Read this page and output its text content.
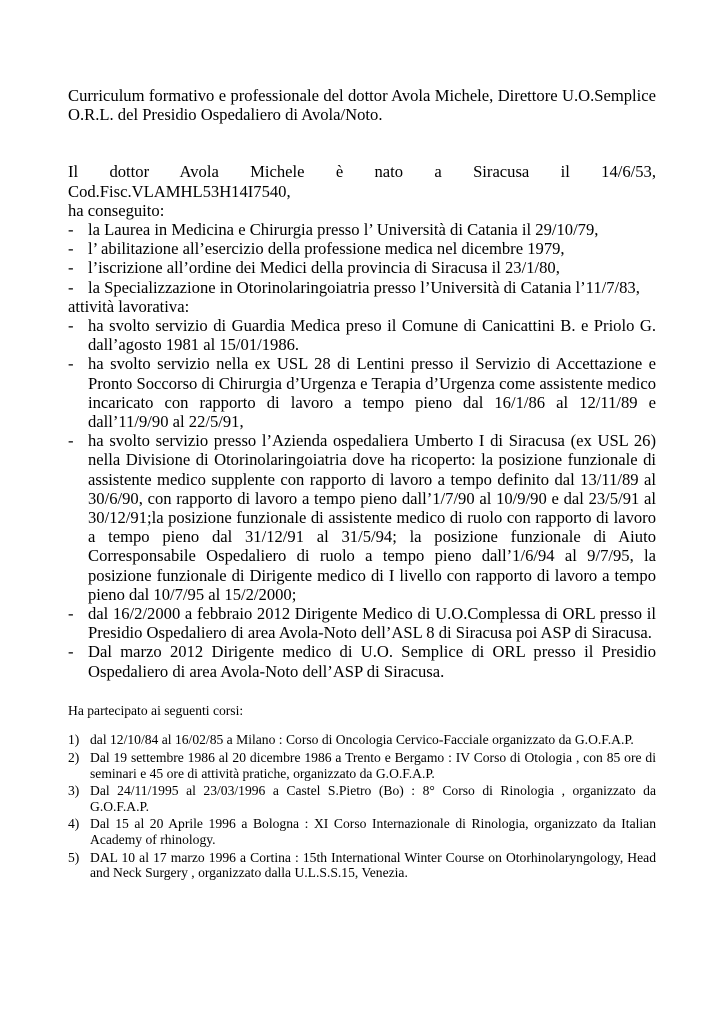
Curriculum formativo e professionale del dottor Avola Michele, Direttore U.O.Semplice O.R.L. del Presidio Ospedaliero di Avola/Noto.

Il dottor Avola Michele è nato a Siracusa il 14/6/53,

Cod.Fisc.VLAMHL53H14I7540,

ha conseguito:

- la Laurea in Medicina e Chirurgia presso l’ Università di Catania il 29/10/79,
- l’ abilitazione all’esercizio della professione medica nel dicembre 1979,
- l’iscrizione all’ordine dei Medici della provincia di Siracusa il 23/1/80,
- la Specializzazione in Otorinolaringoiatria presso l’Università di Catania l’11/7/83,

attività lavorativa:

- ha svolto servizio di Guardia Medica preso il Comune di Canicattini B. e Priolo G. dall’agosto 1981 al 15/01/1986.
- ha svolto servizio nella ex USL 28 di Lentini presso il Servizio di Accettazione e Pronto Soccorso di Chirurgia d’Urgenza e Terapia d’Urgenza come assistente medico incaricato con rapporto di lavoro a tempo pieno dal 16/1/86 al 12/11/89 e dall’11/9/90 al 22/5/91,
- ha svolto servizio presso l’Azienda ospedaliera Umberto I di Siracusa (ex USL 26) nella Divisione di Otorinolaringoiatria dove ha ricoperto: la posizione funzionale di assistente medico supplente con rapporto di lavoro a tempo definito dal 13/11/89 al 30/6/90, con rapporto di lavoro a tempo pieno dall’1/7/90 al 10/9/90 e dal 23/5/91 al 30/12/91;la posizione funzionale di assistente medico di ruolo con rapporto di lavoro a tempo pieno dal 31/12/91 al 31/5/94; la posizione funzionale di Aiuto Corresponsabile Ospedaliero di ruolo a tempo pieno dall’1/6/94 al 9/7/95, la posizione funzionale di Dirigente medico di I livello con rapporto di lavoro a tempo pieno dal 10/7/95 al 15/2/2000;
- dal 16/2/2000 a febbraio 2012 Dirigente Medico di U.O.Complessa di ORL presso il Presidio Ospedaliero di area Avola-Noto dell’ASL 8 di Siracusa poi ASP di Siracusa.
- Dal marzo 2012 Dirigente medico di U.O. Semplice di ORL presso il Presidio Ospedaliero di area Avola-Noto dell’ASP di Siracusa.

Ha partecipato ai seguenti corsi:

1) dal 12/10/84 al 16/02/85 a Milano : Corso di Oncologia Cervico-Facciale organizzato da G.O.F.A.P.
2) Dal 19 settembre 1986 al 20 dicembre 1986 a Trento e Bergamo : IV Corso di Otologia , con 85 ore di seminari e 45 ore di attività pratiche, organizzato da G.O.F.A.P.
3) Dal 24/11/1995 al 23/03/1996 a Castel S.Pietro (Bo) : 8° Corso di Rinologia , organizzato da G.O.F.A.P.
4) Dal 15 al 20 Aprile 1996 a Bologna : XI Corso Internazionale di Rinologia, organizzato da Italian Academy of rhinology.
5) DAL 10 al 17 marzo 1996 a Cortina : 15th International Winter Course on Otorhinolaryngology, Head and Neck Surgery , organizzato dalla U.L.S.S.15, Venezia.
